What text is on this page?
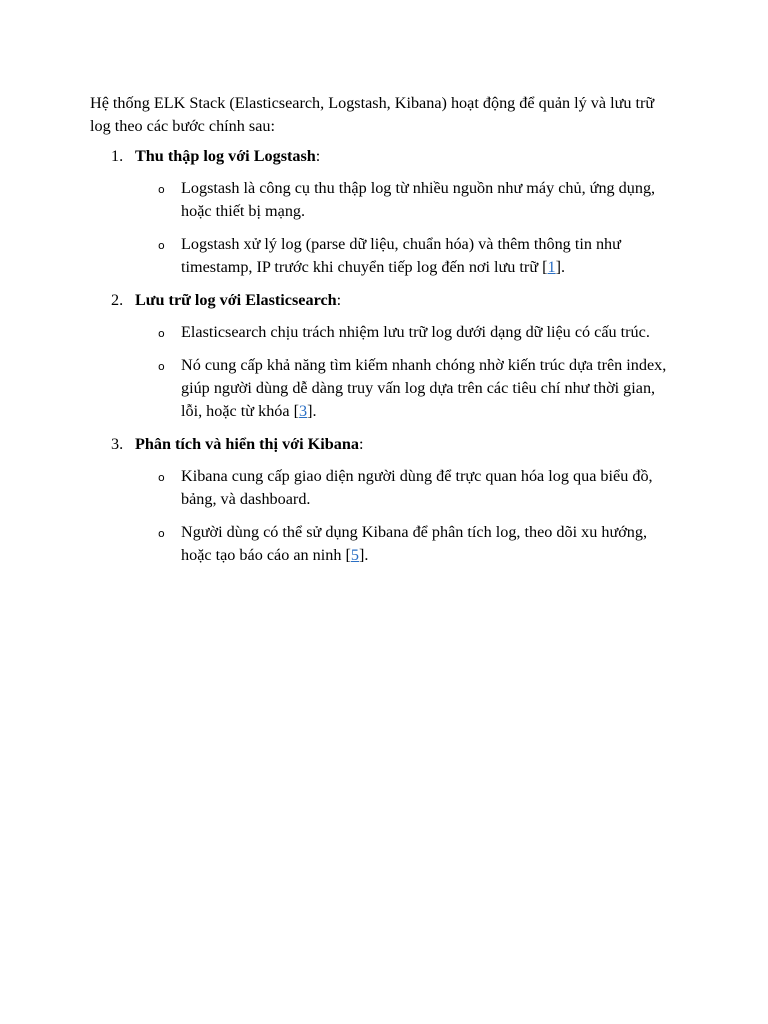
Hệ thống ELK Stack (Elasticsearch, Logstash, Kibana) hoạt động để quản lý và lưu trữ log theo các bước chính sau:

1. Thu thập log với Logstash:
o Logstash là công cụ thu thập log từ nhiều nguồn như máy chủ, ứng dụng, hoặc thiết bị mạng.
o Logstash xử lý log (parse dữ liệu, chuẩn hóa) và thêm thông tin như timestamp, IP trước khi chuyển tiếp log đến nơi lưu trữ [1].
2. Lưu trữ log với Elasticsearch:
o Elasticsearch chịu trách nhiệm lưu trữ log dưới dạng dữ liệu có cấu trúc.
o Nó cung cấp khả năng tìm kiếm nhanh chóng nhờ kiến trúc dựa trên index, giúp người dùng dễ dàng truy vấn log dựa trên các tiêu chí như thời gian, lỗi, hoặc từ khóa [3].
3. Phân tích và hiển thị với Kibana:
o Kibana cung cấp giao diện người dùng để trực quan hóa log qua biểu đồ, bảng, và dashboard.
o Người dùng có thể sử dụng Kibana để phân tích log, theo dõi xu hướng, hoặc tạo báo cáo an ninh [5].
